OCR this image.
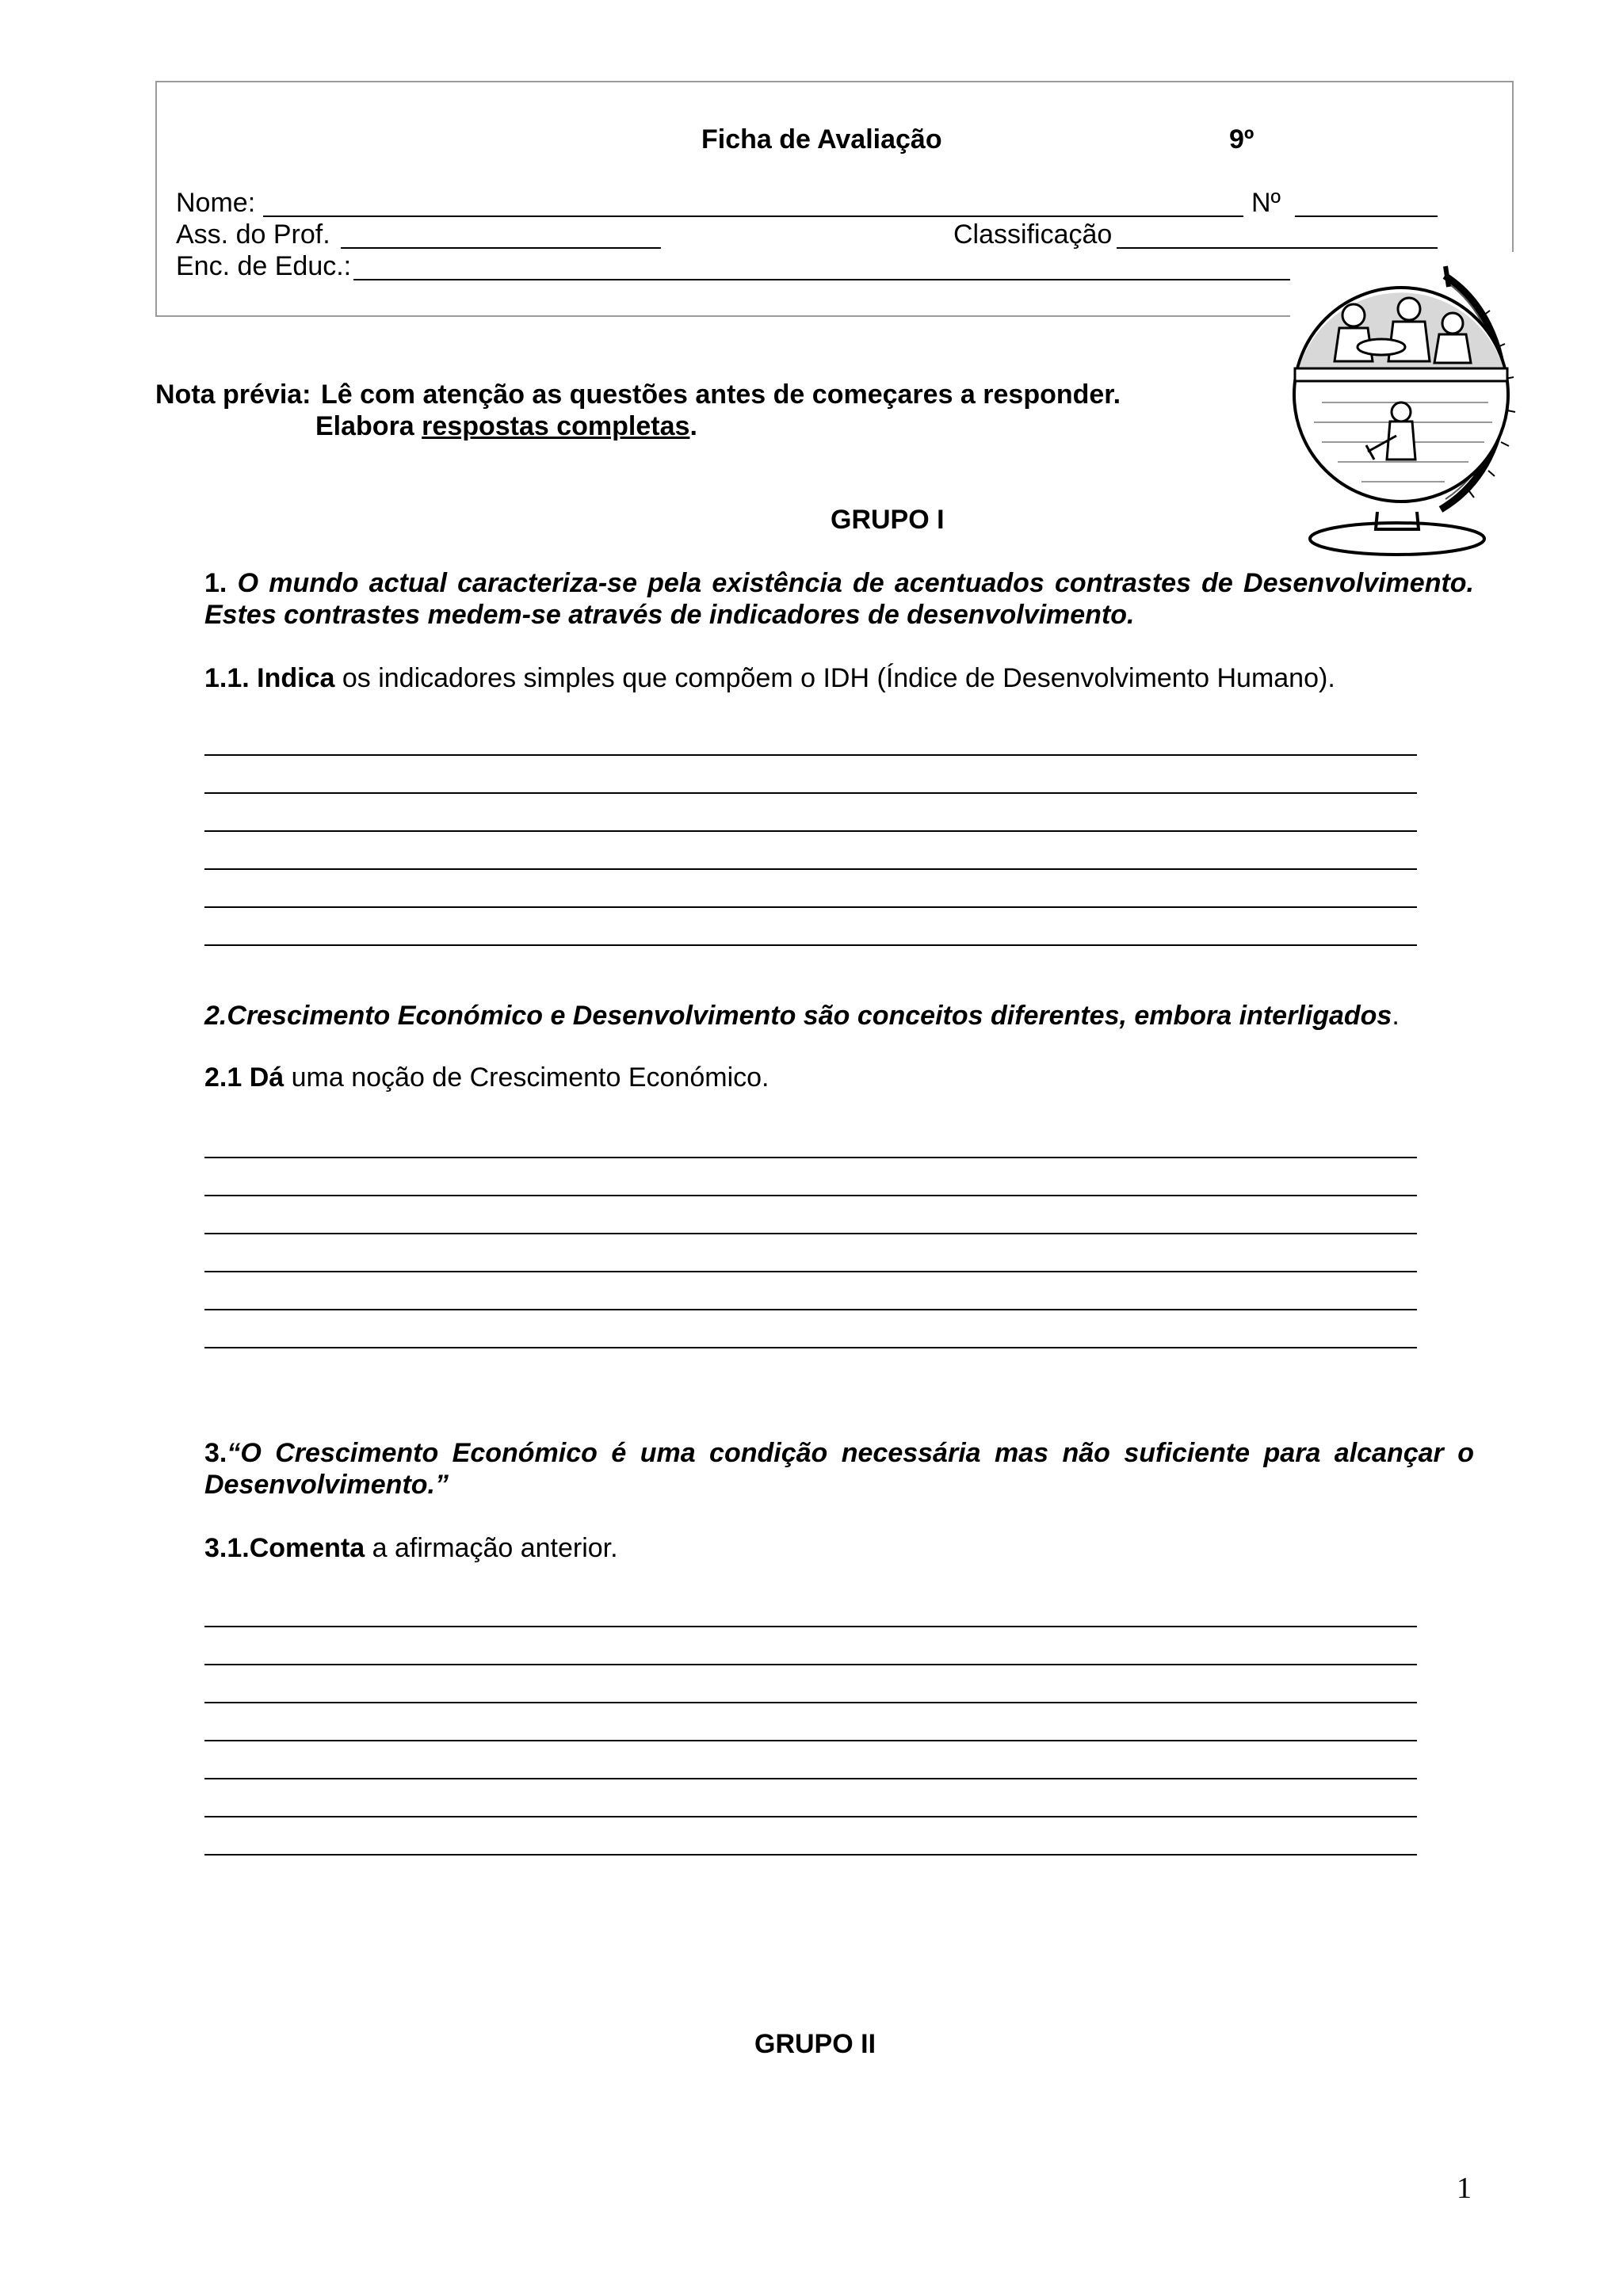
Ficha de Avaliação	9º
Nome:	Nº
Ass. do Prof.	Classificação
Enc. de Educ.:
Nota prévia: Lê com atenção as questões antes de começares a responder.
Elabora respostas completas.
GRUPO I
1. O mundo actual caracteriza-se pela existência de acentuados contrastes de Desenvolvimento.
Estes contrastes medem-se através de indicadores de desenvolvimento.
1.1. Indica os indicadores simples que compõem o IDH (Índice de Desenvolvimento Humano).
2.Crescimento Económico e Desenvolvimento são conceitos diferentes, embora interligados.
2.1 Dá uma noção de Crescimento Económico.
3.“O Crescimento Económico é uma condição necessária mas não suficiente para alcançar o
Desenvolvimento.”
3.1.Comenta a afirmação anterior.
GRUPO II
1
